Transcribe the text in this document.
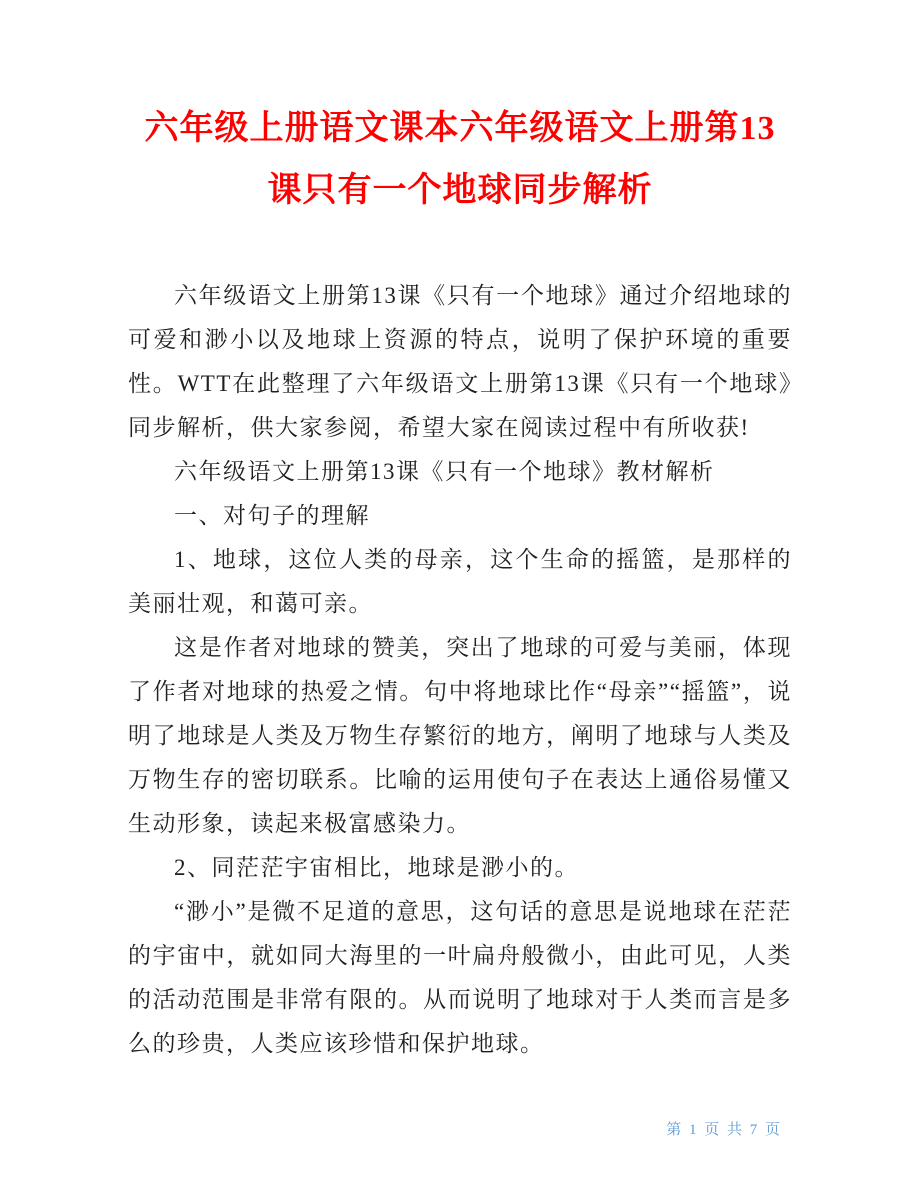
六年级上册语文课本六年级语文上册第13课只有一个地球同步解析

六年级语文上册第13课《只有一个地球》通过介绍地球的可爱和渺小以及地球上资源的特点，说明了保护环境的重要性。WTT在此整理了六年级语文上册第13课《只有一个地球》同步解析，供大家参阅，希望大家在阅读过程中有所收获!

六年级语文上册第13课《只有一个地球》教材解析

一、对句子的理解

1、地球，这位人类的母亲，这个生命的摇篮，是那样的美丽壮观，和蔼可亲。

这是作者对地球的赞美，突出了地球的可爱与美丽，体现了作者对地球的热爱之情。句中将地球比作“母亲”“摇篮”，说明了地球是人类及万物生存繁衍的地方，阐明了地球与人类及万物生存的密切联系。比喻的运用使句子在表达上通俗易懂又生动形象，读起来极富感染力。

2、同茫茫宇宙相比，地球是渺小的。

“渺小”是微不足道的意思，这句话的意思是说地球在茫茫的宇宙中，就如同大海里的一叶扁舟般微小，由此可见，人类的活动范围是非常有限的。从而说明了地球对于人类而言是多么的珍贵，人类应该珍惜和保护地球。

第 1 页 共 7 页
